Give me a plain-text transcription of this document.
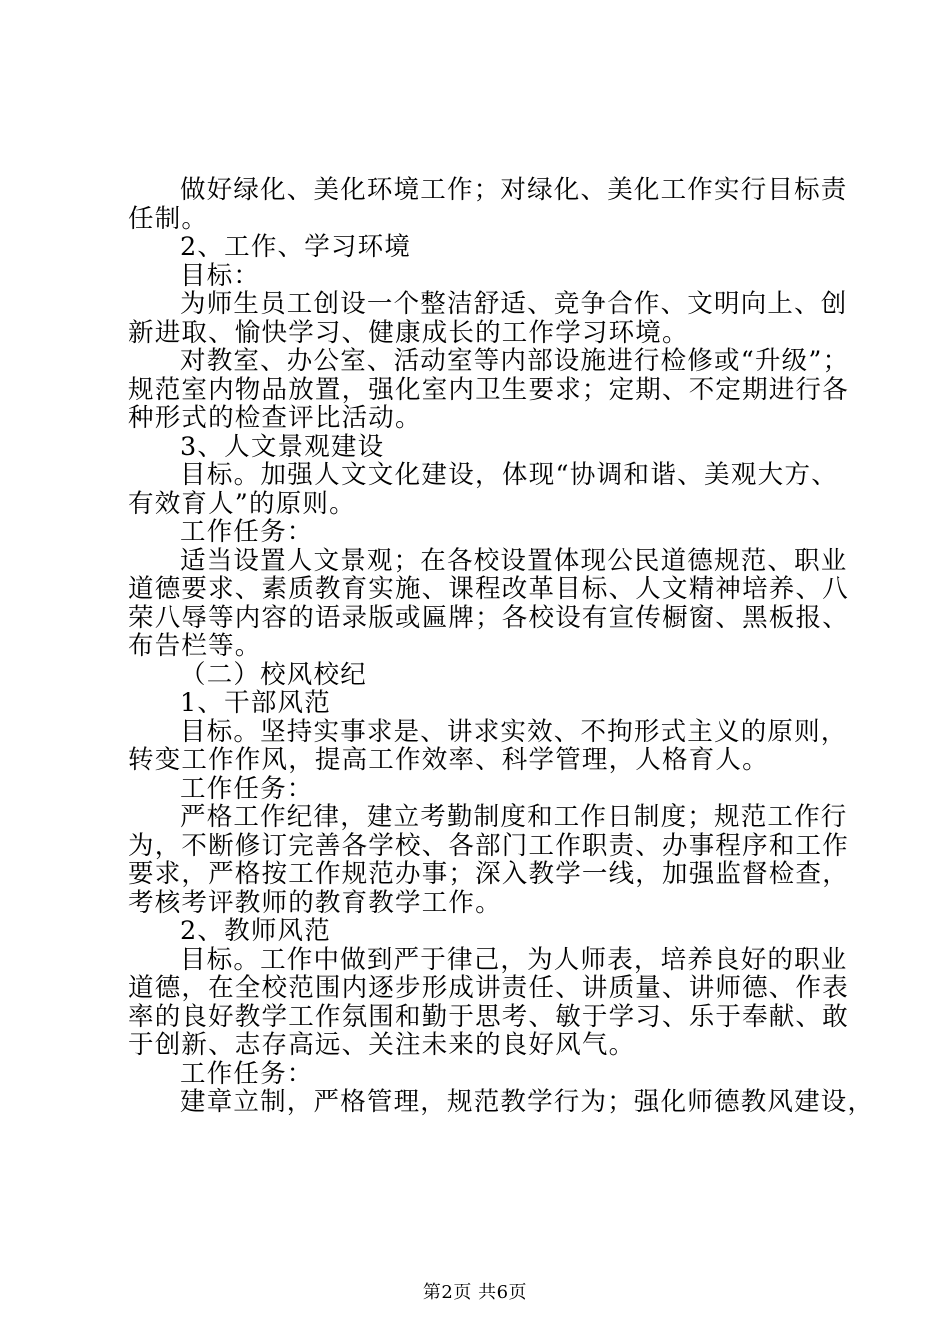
做好绿化、美化环境工作；对绿化、美化工作实行目标责
任制。
2、工作、学习环境
目标：
为师生员工创设一个整洁舒适、竞争合作、文明向上、创
新进取、愉快学习、健康成长的工作学习环境。
对教室、办公室、活动室等内部设施进行检修或“升级”；
规范室内物品放置，强化室内卫生要求；定期、不定期进行各
种形式的检查评比活动。
3、人文景观建设
目标。加强人文文化建设，体现“协调和谐、美观大方、
有效育人”的原则。
工作任务：
适当设置人文景观；在各校设置体现公民道德规范、职业
道德要求、素质教育实施、课程改革目标、人文精神培养、八
荣八辱等内容的语录版或匾牌；各校设有宣传橱窗、黑板报、
布告栏等。
（二）校风校纪
1、干部风范
目标。坚持实事求是、讲求实效、不拘形式主义的原则，
转变工作作风，提高工作效率、科学管理，人格育人。
工作任务：
严格工作纪律，建立考勤制度和工作日制度；规范工作行
为，不断修订完善各学校、各部门工作职责、办事程序和工作
要求，严格按工作规范办事；深入教学一线，加强监督检查，
考核考评教师的教育教学工作。
2、教师风范
目标。工作中做到严于律己，为人师表，培养良好的职业
道德，在全校范围内逐步形成讲责任、讲质量、讲师德、作表
率的良好教学工作氛围和勤于思考、敏于学习、乐于奉献、敢
于创新、志存高远、关注未来的良好风气。
工作任务：
建章立制，严格管理，规范教学行为；强化师德教风建设，
第2页 共6页
